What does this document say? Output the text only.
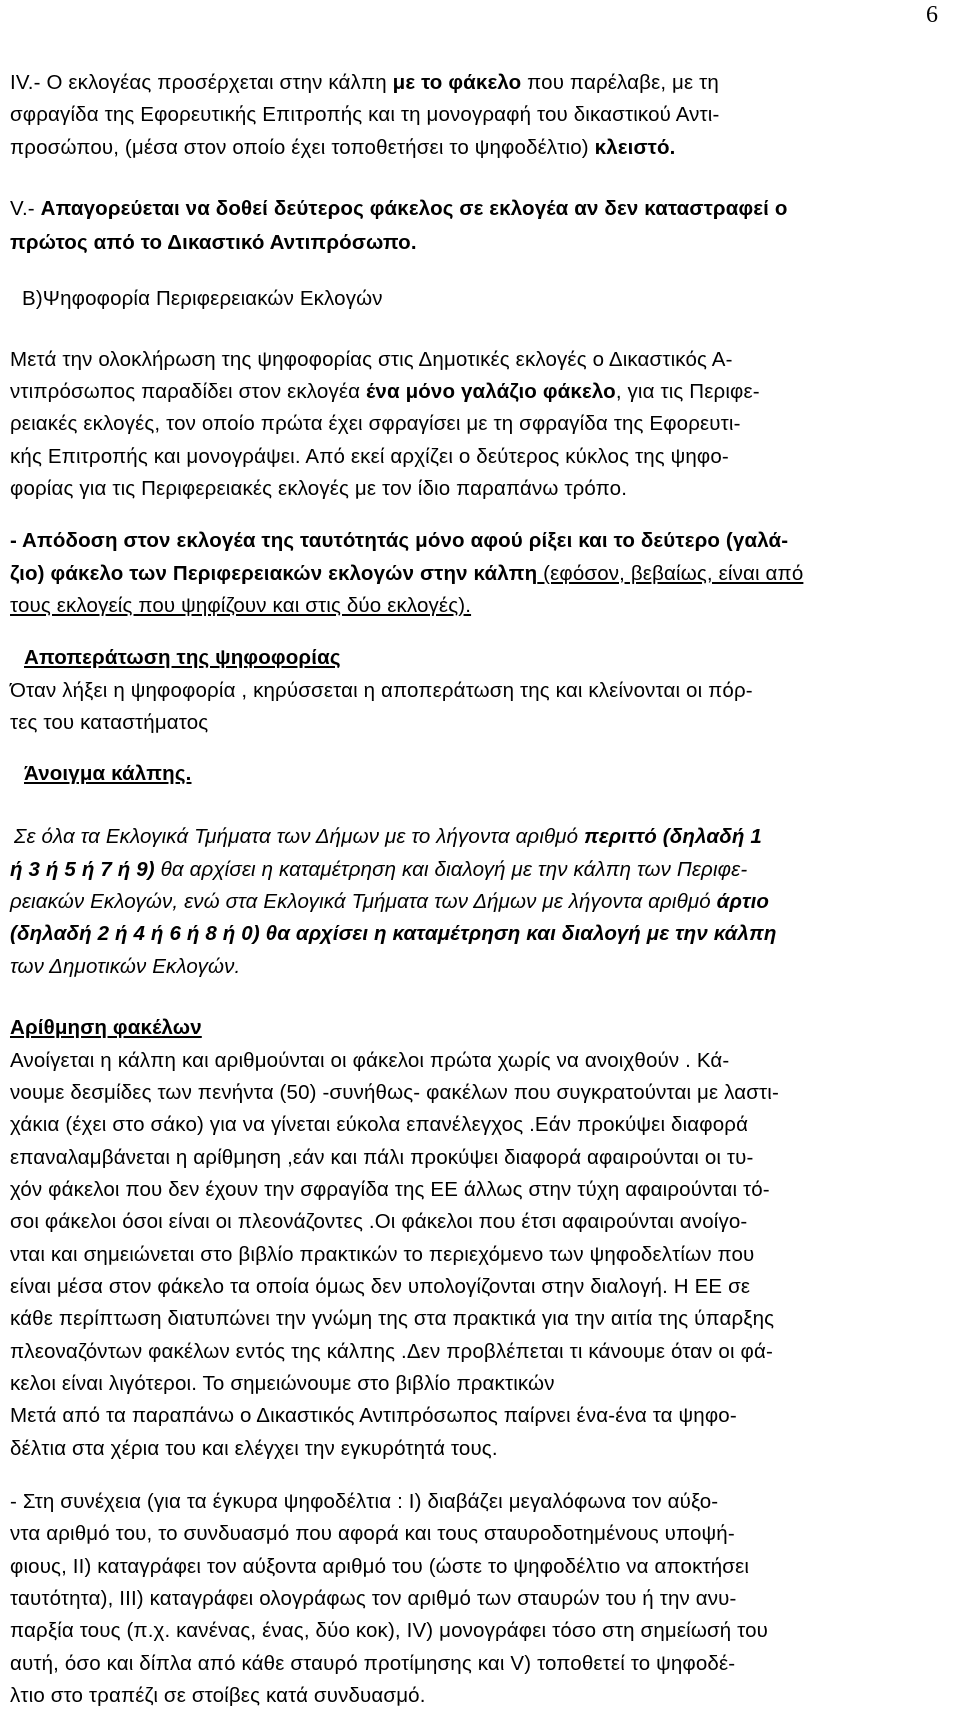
6
IV.- Ο εκλογέας προσέρχεται στην κάλπη με το φάκελο που παρέλαβε, με τη
σφραγίδα της Εφορευτικής Επιτροπής και τη μονογραφή του δικαστικού Αντι-
προσώπου, (μέσα στον οποίο έχει τοποθετήσει το ψηφοδέλτιο) κλειστό.
V.- Απαγορεύεται να δοθεί δεύτερος φάκελος σε εκλογέα αν δεν καταστραφεί ο
πρώτος από το Δικαστικό Αντιπρόσωπο.
Β)Ψηφοφορία Περιφερειακών Εκλογών
Μετά την ολοκλήρωση της ψηφοφορίας στις Δημοτικές εκλογές ο Δικαστικός Α-
ντιπρόσωπος παραδίδει στον εκλογέα ένα μόνο γαλάζιο φάκελο, για τις Περιφε-
ρειακές εκλογές, τον οποίο πρώτα έχει σφραγίσει με τη σφραγίδα της Εφορευτι-
κής Επιτροπής και μονογράψει. Από εκεί αρχίζει ο δεύτερος κύκλος της ψηφο-
φορίας για τις Περιφερειακές εκλογές με τον ίδιο παραπάνω τρόπο.
- Απόδοση στον εκλογέα της ταυτότητάς μόνο αφού ρίξει και το δεύτερο (γαλά-
ζιο) φάκελο των Περιφερειακών εκλογών στην κάλπη (εφόσον, βεβαίως, είναι από
τους εκλογείς που ψηφίζουν και στις δύο εκλογές).
Αποπεράτωση της ψηφοφορίας
Όταν λήξει η ψηφοφορία , κηρύσσεται η αποπεράτωση της και κλείνονται οι πόρ-
τες του καταστήματος
Άνοιγμα κάλπης.
Σε όλα τα Εκλογικά Τμήματα των Δήμων με το λήγοντα αριθμό περιττό (δηλαδή 1
ή 3 ή 5 ή 7 ή 9) θα αρχίσει η καταμέτρηση και διαλογή με την κάλπη των Περιφε-
ρειακών Εκλογών, ενώ στα Εκλογικά Τμήματα των Δήμων με λήγοντα αριθμό άρτιο
(δηλαδή 2 ή 4 ή 6 ή 8 ή 0) θα αρχίσει η καταμέτρηση και διαλογή με την κάλπη
των Δημοτικών Εκλογών.
Αρίθμηση φακέλων
Ανοίγεται η κάλπη και αριθμούνται οι φάκελοι πρώτα χωρίς να ανοιχθούν . Κά-
νουμε δεσμίδες των πενήντα (50) -συνήθως- φακέλων που συγκρατούνται με λαστι-
χάκια (έχει στο σάκο) για να γίνεται εύκολα επανέλεγχος .Εάν προκύψει διαφορά
επαναλαμβάνεται η αρίθμηση ,εάν και πάλι προκύψει διαφορά αφαιρούνται οι τυ-
χόν φάκελοι που δεν έχουν την σφραγίδα της ΕΕ άλλως στην τύχη αφαιρούνται τό-
σοι φάκελοι όσοι είναι οι πλεονάζοντες .Οι φάκελοι που έτσι αφαιρούνται ανοίγο-
νται και σημειώνεται στο βιβλίο πρακτικών το περιεχόμενο των ψηφοδελτίων που
είναι μέσα στον φάκελο τα οποία όμως δεν υπολογίζονται στην διαλογή. Η ΕΕ σε
κάθε περίπτωση διατυπώνει την γνώμη της στα πρακτικά για την αιτία της ύπαρξης
πλεοναζόντων φακέλων εντός της κάλπης .Δεν προβλέπεται τι κάνουμε όταν οι φά-
κελοι είναι λιγότεροι. Το σημειώνουμε στο βιβλίο πρακτικών
Μετά από τα παραπάνω ο Δικαστικός Αντιπρόσωπος παίρνει ένα-ένα τα ψηφο-
δέλτια στα χέρια του και ελέγχει την εγκυρότητά τους.
- Στη συνέχεια (για τα έγκυρα ψηφοδέλτια : Ι) διαβάζει μεγαλόφωνα τον αύξο-
ντα αριθμό του, το συνδυασμό που αφορά και τους σταυροδοτημένους υποψή-
φιους, ΙΙ) καταγράφει τον αύξοντα αριθμό του (ώστε το ψηφοδέλτιο να αποκτήσει
ταυτότητα), ΙΙΙ) καταγράφει ολογράφως τον αριθμό των σταυρών του ή την ανυ-
παρξία τους (π.χ. κανένας, ένας, δύο κοκ), ΙV) μονογράφει τόσο στη σημείωσή του
αυτή, όσο και δίπλα από κάθε σταυρό προτίμησης και V) τοποθετεί το ψηφοδέ-
λτιο στο τραπέζι σε στοίβες κατά συνδυασμό.
